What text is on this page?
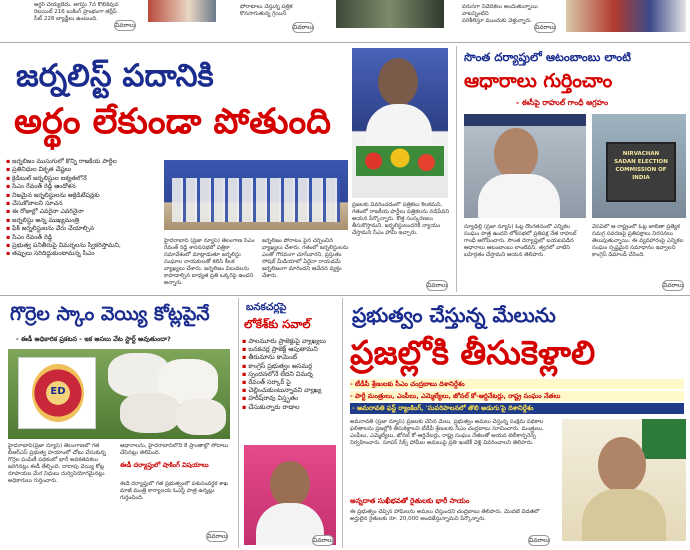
ఆర్డర్ చెయ్యలేదు. అగస్టు 7న కోబీకేవున
రిటయిల్ 216 బుకింగ్ ప్రాంభంగా తర్లీప్
సీట్ 228 బ్యాడ్జీలు ఉంటుంది.
వివరాలు
పోరాటాలు చేస్తున్న పత్రిక
కొనసాగుతున్న గ్రెయిన్
వివరాలు
వరుసగా నివేదికలు అందుతున్నాయి వాటన్నింటిని
పరిశీలిస్తూ ముందుకు వెళ్తున్నారు
వివరాలు
జర్నలిస్ట్ పదానికి
అర్థం లేకుండా పోతుంది
▪ జర్నలిజం ముసుగులో కొన్ని రాజకీయ పార్టీల
▪ ప్రతినిధుల వికృత చేష్టలు
▪ క్రెడిబుల్ జర్నలిస్టుల ఐక్యతలోనే
▪ సీఎం రేవంత్ రెడ్డి ఆందోళన
▪ నిజమైన జర్నలిస్టులను అక్రెడిటేషన్లకు
▪ చేసుకోవాలని సూచన
▪ ఈ రోజుల్లో ఎవరైనా ఎవరినైనా
▪ జర్నలిస్టు అన్న ముఖ్యమంత్రి
▪ ఫేక్ జర్నలిస్టులను వేరు చేయాల్సిన
▪ సీఎం రేవంత్ రెడ్డి
▪ ప్రభుత్వ పనితీరుపై విమర్శలను స్వీకరిస్తామని,
▪ తప్పులు సరిదిద్దుకుంటామన్న సీఎం
హైదరాబాద్ (ప్రజా న్యూస్) తెలంగాణ సీఎం రేవంత్ రెడ్డి శాసనసభలో పత్రికా సమావేశంలో మాట్లాడుతూ జర్నలిస్టు సంఘాల నాయకులతో కలిసి కీలక వ్యాఖ్యలు చేశారు. జర్నలిజం విలువలను కాపాడాల్సిన బాధ్యత ప్రతి ఒక్కరిపై ఉందని అన్నారు.
జర్నలిజం పోరాటం పైన చర్చించిన వ్యాఖ్యలు చేశారు. గతంలో జర్నలిస్టులను ఎంతో గౌరవంగా చూసేవారని, ప్రస్తుతం సోషల్ మీడియాలో ఏదైనా రాయడమే జర్నలిజంగా మారిందని ఆవేదన వ్యక్తం చేశారు.
ప్రజలకు వివరించడంలో పత్రికలు కీలకమని, గతంలో రాజకీయ పార్టీలు పత్రికలను నడిపేవని ఆయన పేర్కొన్నారు. కొత్త సంస్కరణలు తీసుకొస్తామని, జర్నలిస్టులందరికీ న్యాయం చేస్తామని సీఎం హామీ ఇచ్చారు.
వివరాలు
సొంత దర్యాప్తులో ఆటంబాంబు లాంటి
ఆధారాలు గుర్తించాం
- ఈసీపై రాహుల్ గాంధీ ఆగ్రహం
NIRVACHAN SADAN ELECTION COMMISSION OF INDIA
న్యూఢిల్లీ (ప్రజా న్యూస్) ఓట్ల దొంగతనంలో ఎన్నికల సంఘం పాత్ర ఉందని లోక్‌సభలో ప్రతిపక్ష నేత రాహుల్ గాంధీ ఆరోపించారు. సొంత దర్యాప్తులో బయటపడిన ఆధారాలు ఆటంబాంబు లాంటివని, త్వరలో వాటిని బహిర్గతం చేస్తామని ఆయన తెలిపారు.
వేసవిలో ఆ రాష్ట్రంలో ఓట్ల జాబితా ప్రత్యేక సమగ్ర సవరణపై ప్రతిపక్షాలు నిరసనలు తెలుపుతున్నాయి. ఈ వ్యవహారంపై ఎన్నికల సంఘం స్పష్టమైన సమాధానం ఇవ్వాలని కాంగ్రెస్ డిమాండ్ చేసింది.
వివరాలు
గొర్రెల స్కాం వెయ్యి కోట్లపైనే
- ఈడీ అధికారిక ప్రకటన - ఇక అసలు వేట స్టార్ట్ అవుతుందా?
ED
హైదరాబాద్(ప్రజా న్యూస్) తెలంగాణలో గత బీఆర్ఎస్ ప్రభుత్వ హయాంలో చోటు చేసుకున్న గొర్రెల పంపిణీ పథకంలో భారీ అవకతవకలు జరిగినట్లు ఈడీ తేల్చింది. దాదాపు వెయ్యి కోట్ల రూపాయల మేర నిధులు దుర్వినియోగమైనట్లు అధికారులు గుర్తించారు.
ఆధారాలను, హైదరాబాద్‌లోని 8 ప్రాంతాల్లో సోదాలు చేసినట్లు తెలిపింది.
ఈడీ దర్యాప్తులో షాకింగ్ విషయాలు
ఈడీ దర్యాప్తులో గత ప్రభుత్వంలో పశుసంవర్ధక శాఖ మాజీ మంత్రి కార్యాలయ ఓఎస్డీ పాత్ర ఉన్నట్లు గుర్తించింది.
వివరాలు
బనకచర్లపై
లోకేశ్‌కు సవాల్
▪ పాలమూరు ప్రాజెక్టుపై వ్యాఖ్యలు
▪ బనకచర్ల ప్రాజెక్ట్ ఆపుతామని
▪ తీరుమాను కామెంట్
▪ కాంగ్రెస్ ప్రభుత్వం అసమర్థ
▪ స్పందనలోనే లేదని విమర్శ
▪ రేవంత్ సర్కార్ పై
▪ చెల్లించుకుంటున్నావని వ్యాఖ్య
▪ హరీష్‌రావు విస్తృతం
▪ చేసుకున్నారు రాడాల
వివరాలు
ప్రభుత్వం చేస్తున్న మేలును
ప్రజల్లోకి తీసుకెళ్లాలి
- టీడీపీ శ్రేణులకు సీఎం చంద్రబాబు దిశానిర్దేశం
- పార్టీ మంత్రులు, ఎంపీలు, ఎమ్మెల్యేలు, జోనల్ కో-ఆర్డినేటర్లు, రాష్ట్ర సంఘం నేతలు
- అమరావతి ఫస్ట్ ర్యాంకింగ్, 'సుపరిపాలనలో తొలి అడుగు'పై దిశానిర్దేశం
అమరావతి (ప్రజా న్యూస్) ప్రజలకు చేసిన మేలు, ప్రభుత్వం అమలు చేస్తున్న సంక్షేమ పథకాల ఫలితాలను ప్రజల్లోకి తీసుకెళ్లాలని టీడీపీ శ్రేణులకు సీఎం చంద్రబాబు సూచించారు. మంత్రులు, ఎంపీలు, ఎమ్మెల్యేలు, జోనల్ కో-ఆర్డినేటర్లు, రాష్ట్ర సంఘం నేతలతో ఆయన టెలీకాన్ఫరెన్స్ నిర్వహించారు. సూపర్ సిక్స్ హామీల అమలుపై ప్రతి ఇంటికీ వెళ్లి వివరించాలని తెలిపారు.
అన్నదాత సుఖీభవతో రైతులకు భారీ సాయం
ఈ ప్రభుత్వం చెప్పిన హామీలను అమలు చేస్తుందని చంద్రబాబు తెలిపారు. మొదటి విడతలో అర్హులైన రైతులకు రూ. 20,000 అందజేస్తున్నామని పేర్కొన్నారు.
వివరాలు
